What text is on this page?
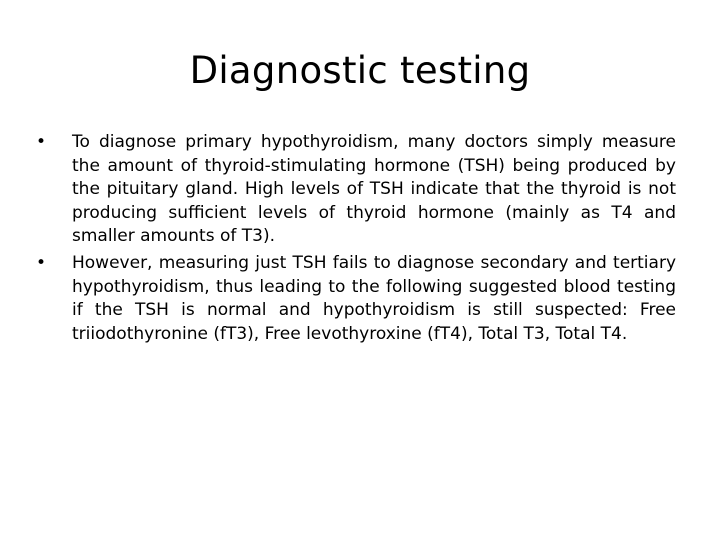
Diagnostic testing
•	To diagnose primary hypothyroidism, many doctors simply measure the amount of thyroid-stimulating hormone (TSH) being produced by the pituitary gland. High levels of TSH indicate that the thyroid is not producing sufficient levels of thyroid hormone (mainly as T4 and smaller amounts of T3).
•	However, measuring just TSH fails to diagnose secondary and tertiary hypothyroidism, thus leading to the following suggested blood testing if the TSH is normal and hypothyroidism is still suspected: Free triiodothyronine (fT3), Free levothyroxine (fT4), Total T3, Total T4.
